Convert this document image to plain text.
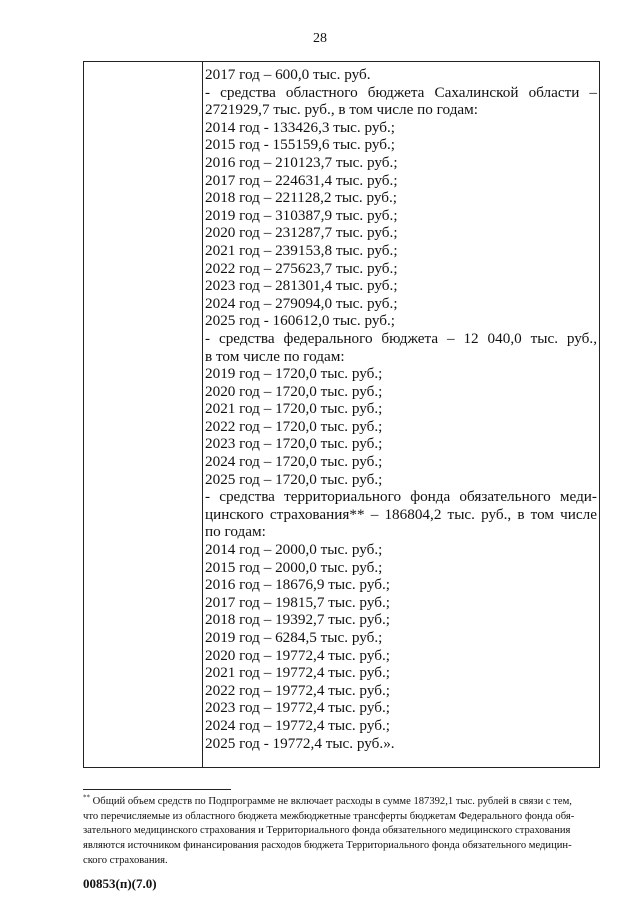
28
2017 год – 600,0 тыс. руб.
- средства областного бюджета Сахалинской области –
2721929,7 тыс. руб., в том числе по годам:
2014 год - 133426,3 тыс. руб.;
2015 год - 155159,6 тыс. руб.;
2016 год – 210123,7 тыс. руб.;
2017 год – 224631,4 тыс. руб.;
2018 год – 221128,2 тыс. руб.;
2019 год – 310387,9 тыс. руб.;
2020 год – 231287,7 тыс. руб.;
2021 год – 239153,8 тыс. руб.;
2022 год – 275623,7 тыс. руб.;
2023 год – 281301,4 тыс. руб.;
2024 год – 279094,0 тыс. руб.;
2025 год - 160612,0 тыс. руб.;
- средства федерального бюджета – 12 040,0 тыс. руб.,
в том числе по годам:
2019 год – 1720,0 тыс. руб.;
2020 год – 1720,0 тыс. руб.;
2021 год – 1720,0 тыс. руб.;
2022 год – 1720,0 тыс. руб.;
2023 год – 1720,0 тыс. руб.;
2024 год – 1720,0 тыс. руб.;
2025 год – 1720,0 тыс. руб.;
- средства территориального фонда обязательного меди-
цинского страхования** – 186804,2 тыс. руб., в том числе
по годам:
2014 год – 2000,0 тыс. руб.;
2015 год – 2000,0 тыс. руб.;
2016 год – 18676,9 тыс. руб.;
2017 год – 19815,7 тыс. руб.;
2018 год – 19392,7 тыс. руб.;
2019 год – 6284,5 тыс. руб.;
2020 год – 19772,4 тыс. руб.;
2021 год – 19772,4 тыс. руб.;
2022 год – 19772,4 тыс. руб.;
2023 год – 19772,4 тыс. руб.;
2024 год – 19772,4 тыс. руб.;
2025 год - 19772,4 тыс. руб.».
** Общий объем средств по Подпрограмме не включает расходы в сумме 187392,1 тыс. рублей в связи с тем,
что перечисляемые из областного бюджета межбюджетные трансферты бюджетам Федерального фонда обя-
зательного медицинского страхования и Территориального фонда обязательного медицинского страхования
являются источником финансирования расходов бюджета Территориального фонда обязательного медицин-
ского страхования.
00853(п)(7.0)
